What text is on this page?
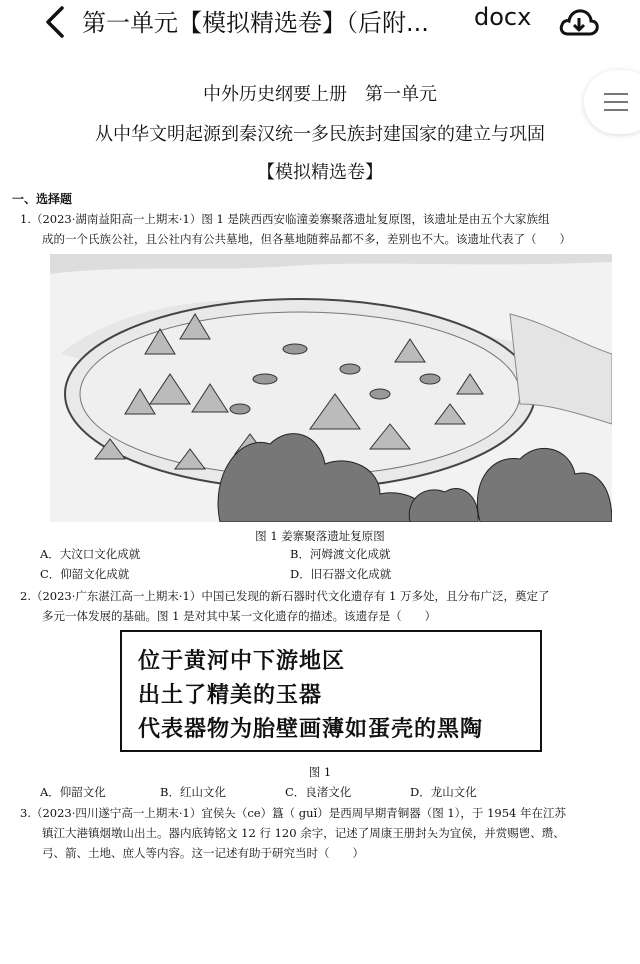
第一单元【模拟精选卷】（后附... docx
中外历史纲要上册　第一单元
从中华文明起源到秦汉统一多民族封建国家的建立与巩固
【模拟精选卷】
一、选择题
1.（2023·湖南益阳高一上期末·1）图 1 是陕西西安临潼姜寨聚落遗址复原图，该遗址是由五个大家族组
成的一个氏族公社，且公社内有公共墓地，但各墓地随葬品都不多，差别也不大。该遗址代表了（　　）
图 1 姜寨聚落遗址复原图
A．大汶口文化成就	B．河姆渡文化成就
C．仰韶文化成就	D．旧石器文化成就
2.（2023·广东湛江高一上期末·1）中国已发现的新石器时代文化遗存有 1 万多处，且分布广泛，奠定了
多元一体发展的基础。图 1 是对其中某一文化遗存的描述。该遗存是（　　）
位于黄河中下游地区
出土了精美的玉器
代表器物为胎壁画薄如蛋壳的黑陶
图 1
A．仰韶文化	B．红山文化	C．良渚文化	D．龙山文化
3.（2023·四川遂宁高一上期末·1）宜侯夨（ce）簋（ guǐ）是西周早期青铜器（图 1），于 1954 年在江苏
镇江大港镇烟墩山出土。器内底铸铭文 12 行 120 余字，记述了周康王册封夨为宜侯，并赏赐鬯、瓒、
弓、箭、土地、庶人等内容。这一记述有助于研究当时（　　）
